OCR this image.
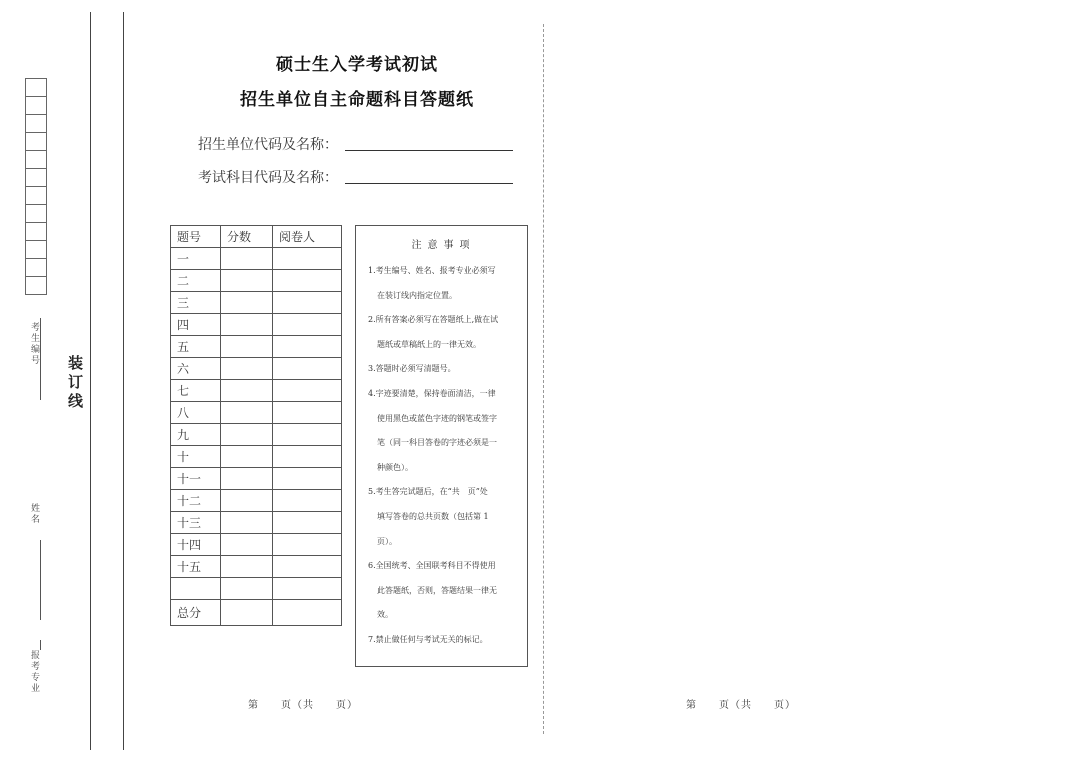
考生编号
姓名
报考专业
装订线
硕士生入学考试初试
招生单位自主命题科目答题纸
招生单位代码及名称：
考试科目代码及名称：
题号	分数	阅卷人
一		
二		
三		
四		
五		
六		
七		
八		
九		
十		
十一		
十二		
十三		
十四		
十五		

总分		
注意事项
1.考生编号、姓名、报考专业必须写
在装订线内指定位置。
2.所有答案必须写在答题纸上,做在试
题纸或草稿纸上的一律无效。
3.答题时必须写清题号。
4.字迹要清楚，保持卷面清洁，一律
使用黑色或蓝色字迹的钢笔或签字
笔（同一科目答卷的字迹必须是一
种颜色）。
5.考生答完试题后，在“共　页”处
填写答卷的总共页数（包括第 1
页）。
6.全国统考、全国联考科目不得使用
此答题纸，否则，答题结果一律无
效。
7.禁止做任何与考试无关的标记。
第　　页（共　　页）	第　　页（共　　页）
